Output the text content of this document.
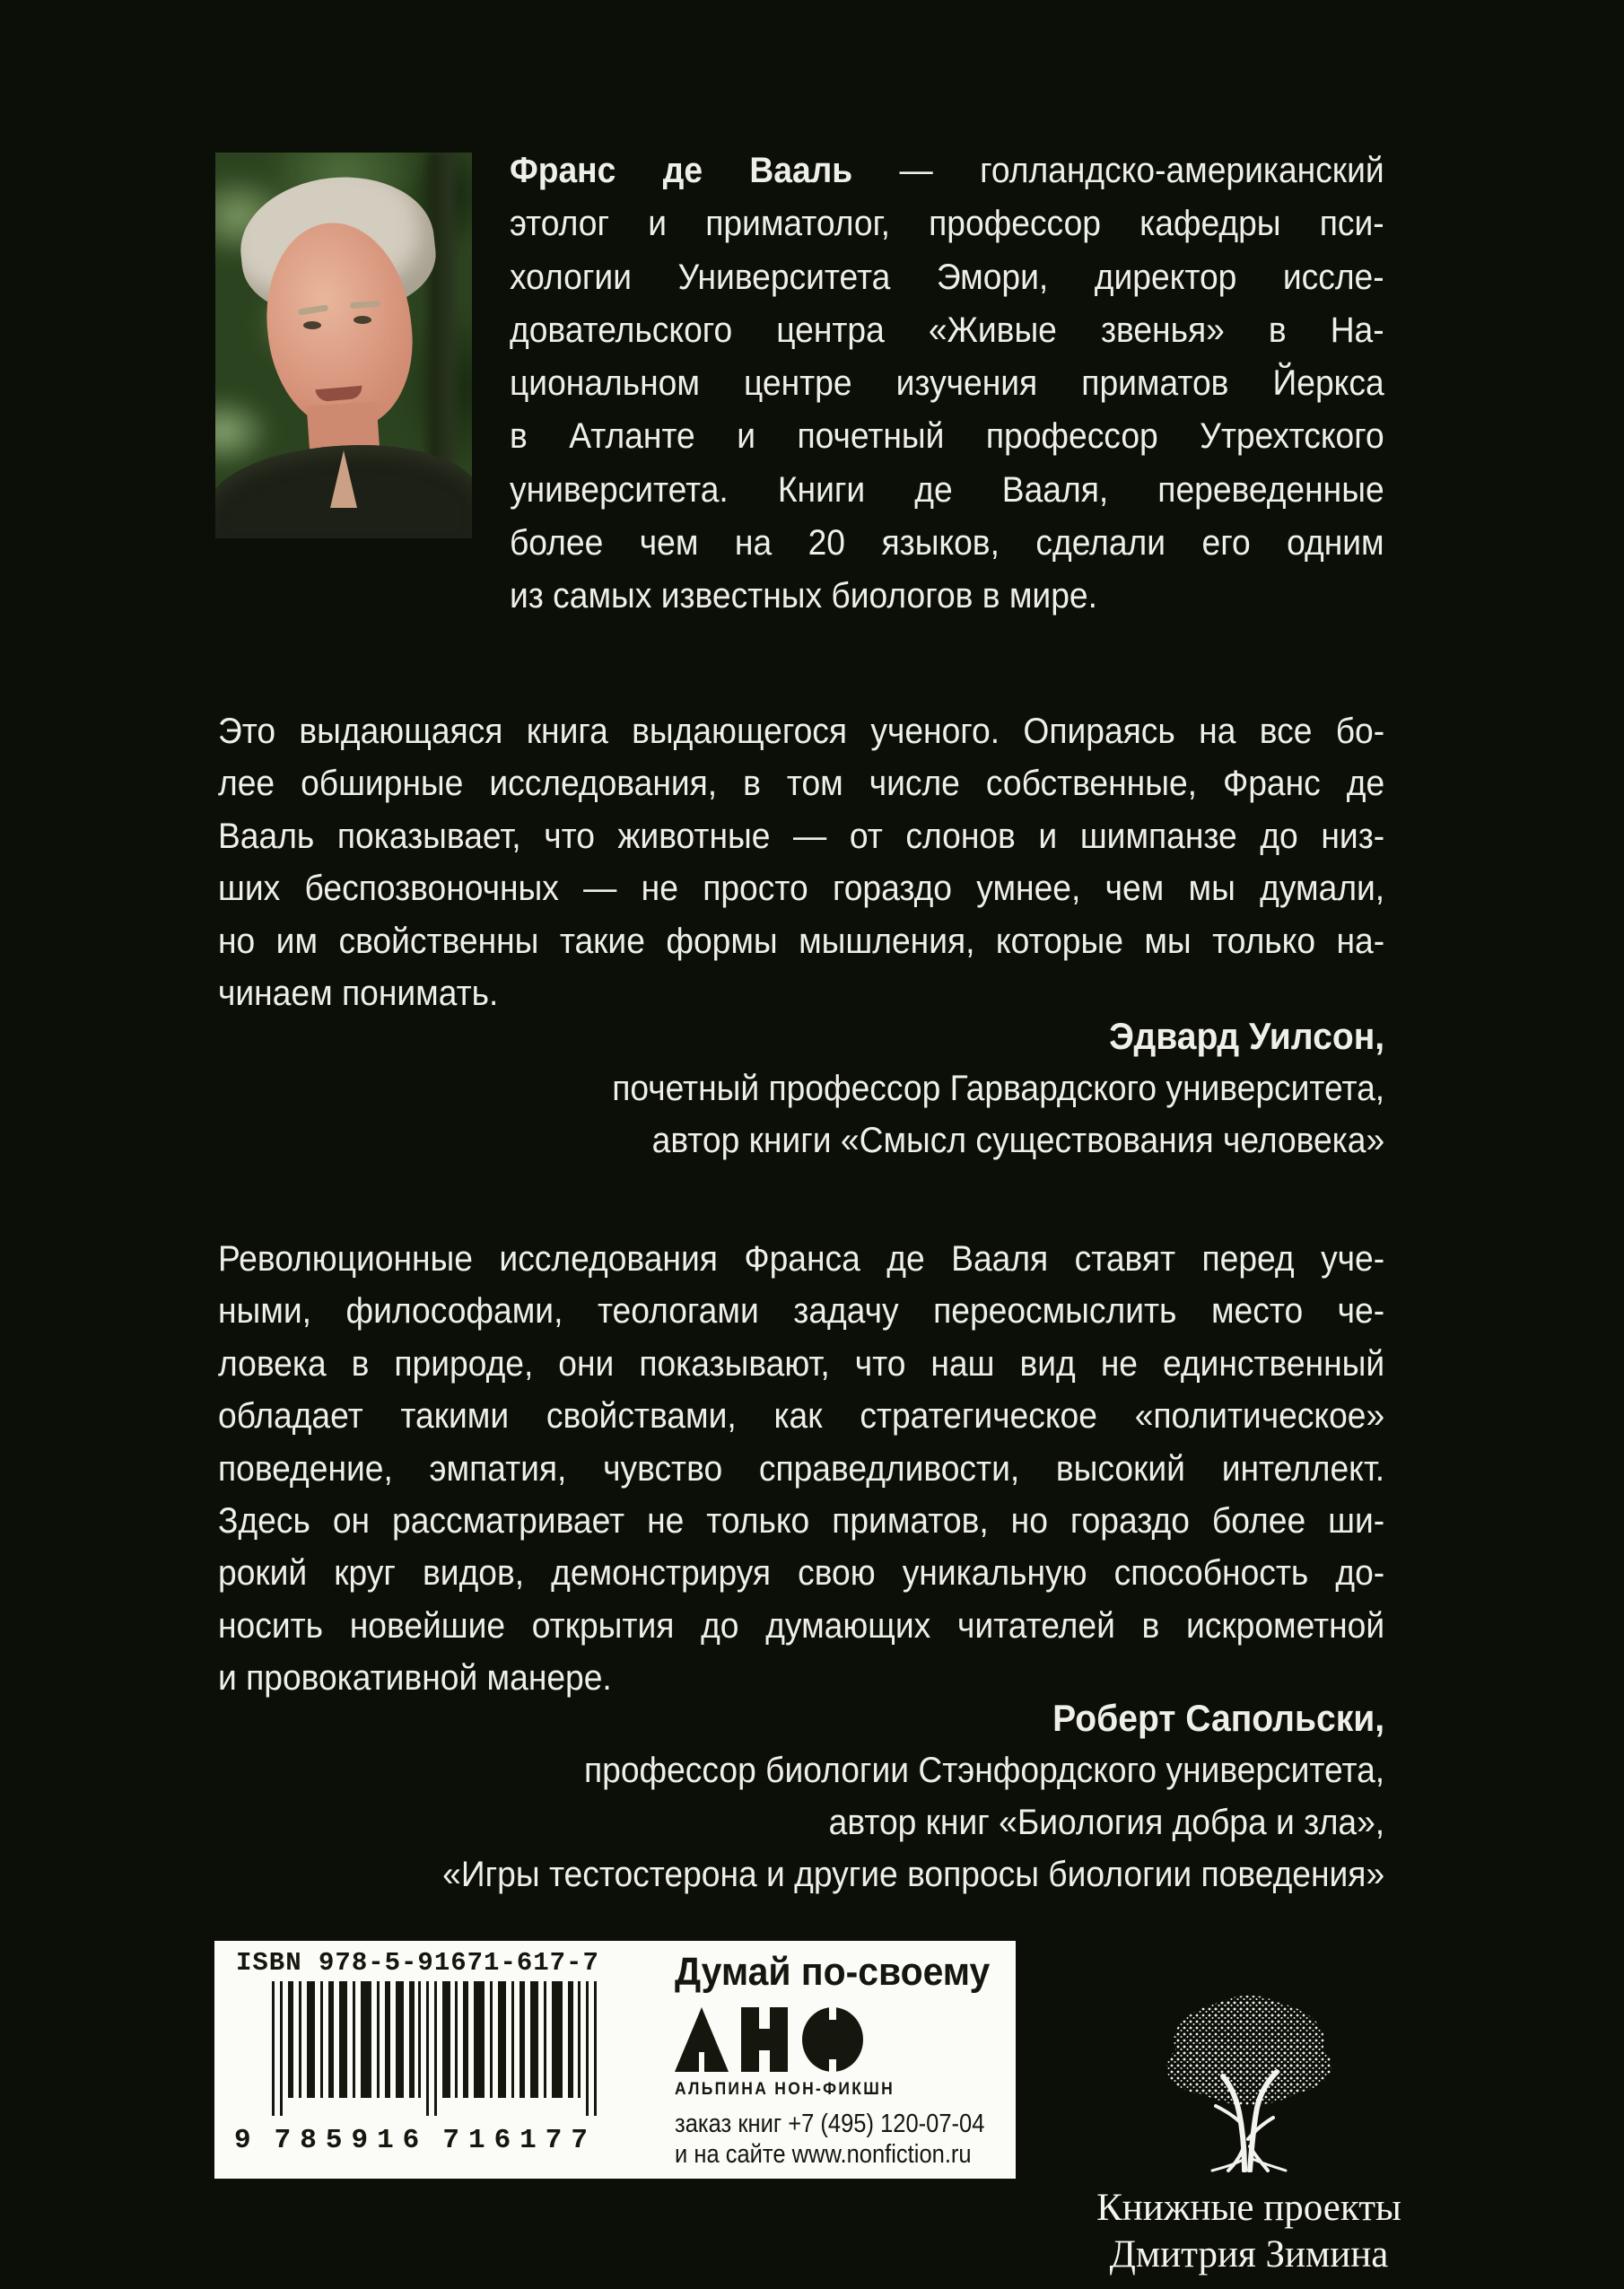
Франс де Вааль — голландско-американский
этолог и приматолог, профессор кафедры пси-
хологии Университета Эмори, директор иссле-
довательского центра «Живые звенья» в На-
циональном центре изучения приматов Йеркса
в Атланте и почетный профессор Утрехтского
университета. Книги де Вааля, переведенные
более чем на 20 языков, сделали его одним
из самых известных биологов в мире.
Это выдающаяся книга выдающегося ученого. Опираясь на все бо-
лее обширные исследования, в том числе собственные, Франс де
Вааль показывает, что животные — от слонов и шимпанзе до низ-
ших беспозвоночных — не просто гораздо умнее, чем мы думали,
но им свойственны такие формы мышления, которые мы только на-
чинаем понимать.
Эдвард Уилсон,
почетный профессор Гарвардского университета,
автор книги «Смысл существования человека»
Революционные исследования Франса де Вааля ставят перед уче-
ными, философами, теологами задачу переосмыслить место че-
ловека в природе, они показывают, что наш вид не единственный
обладает такими свойствами, как стратегическое «политическое»
поведение, эмпатия, чувство справедливости, высокий интеллект.
Здесь он рассматривает не только приматов, но гораздо более ши-
рокий круг видов, демонстрируя свою уникальную способность до-
носить новейшие открытия до думающих читателей в искрометной
и провокативной манере.
Роберт Сапольски,
профессор биологии Стэнфордского университета,
автор книг «Биология добра и зла»,
«Игры тестостерона и другие вопросы биологии поведения»
ISBN 978-5-91671-617-7
9 785916 716177
Думай по-своему
АЛЬПИНА НОН-ФИКШН
заказ книг +7 (495) 120-07-04
и на сайте www.nonfiction.ru
Книжные проекты
Дмитрия Зимина
